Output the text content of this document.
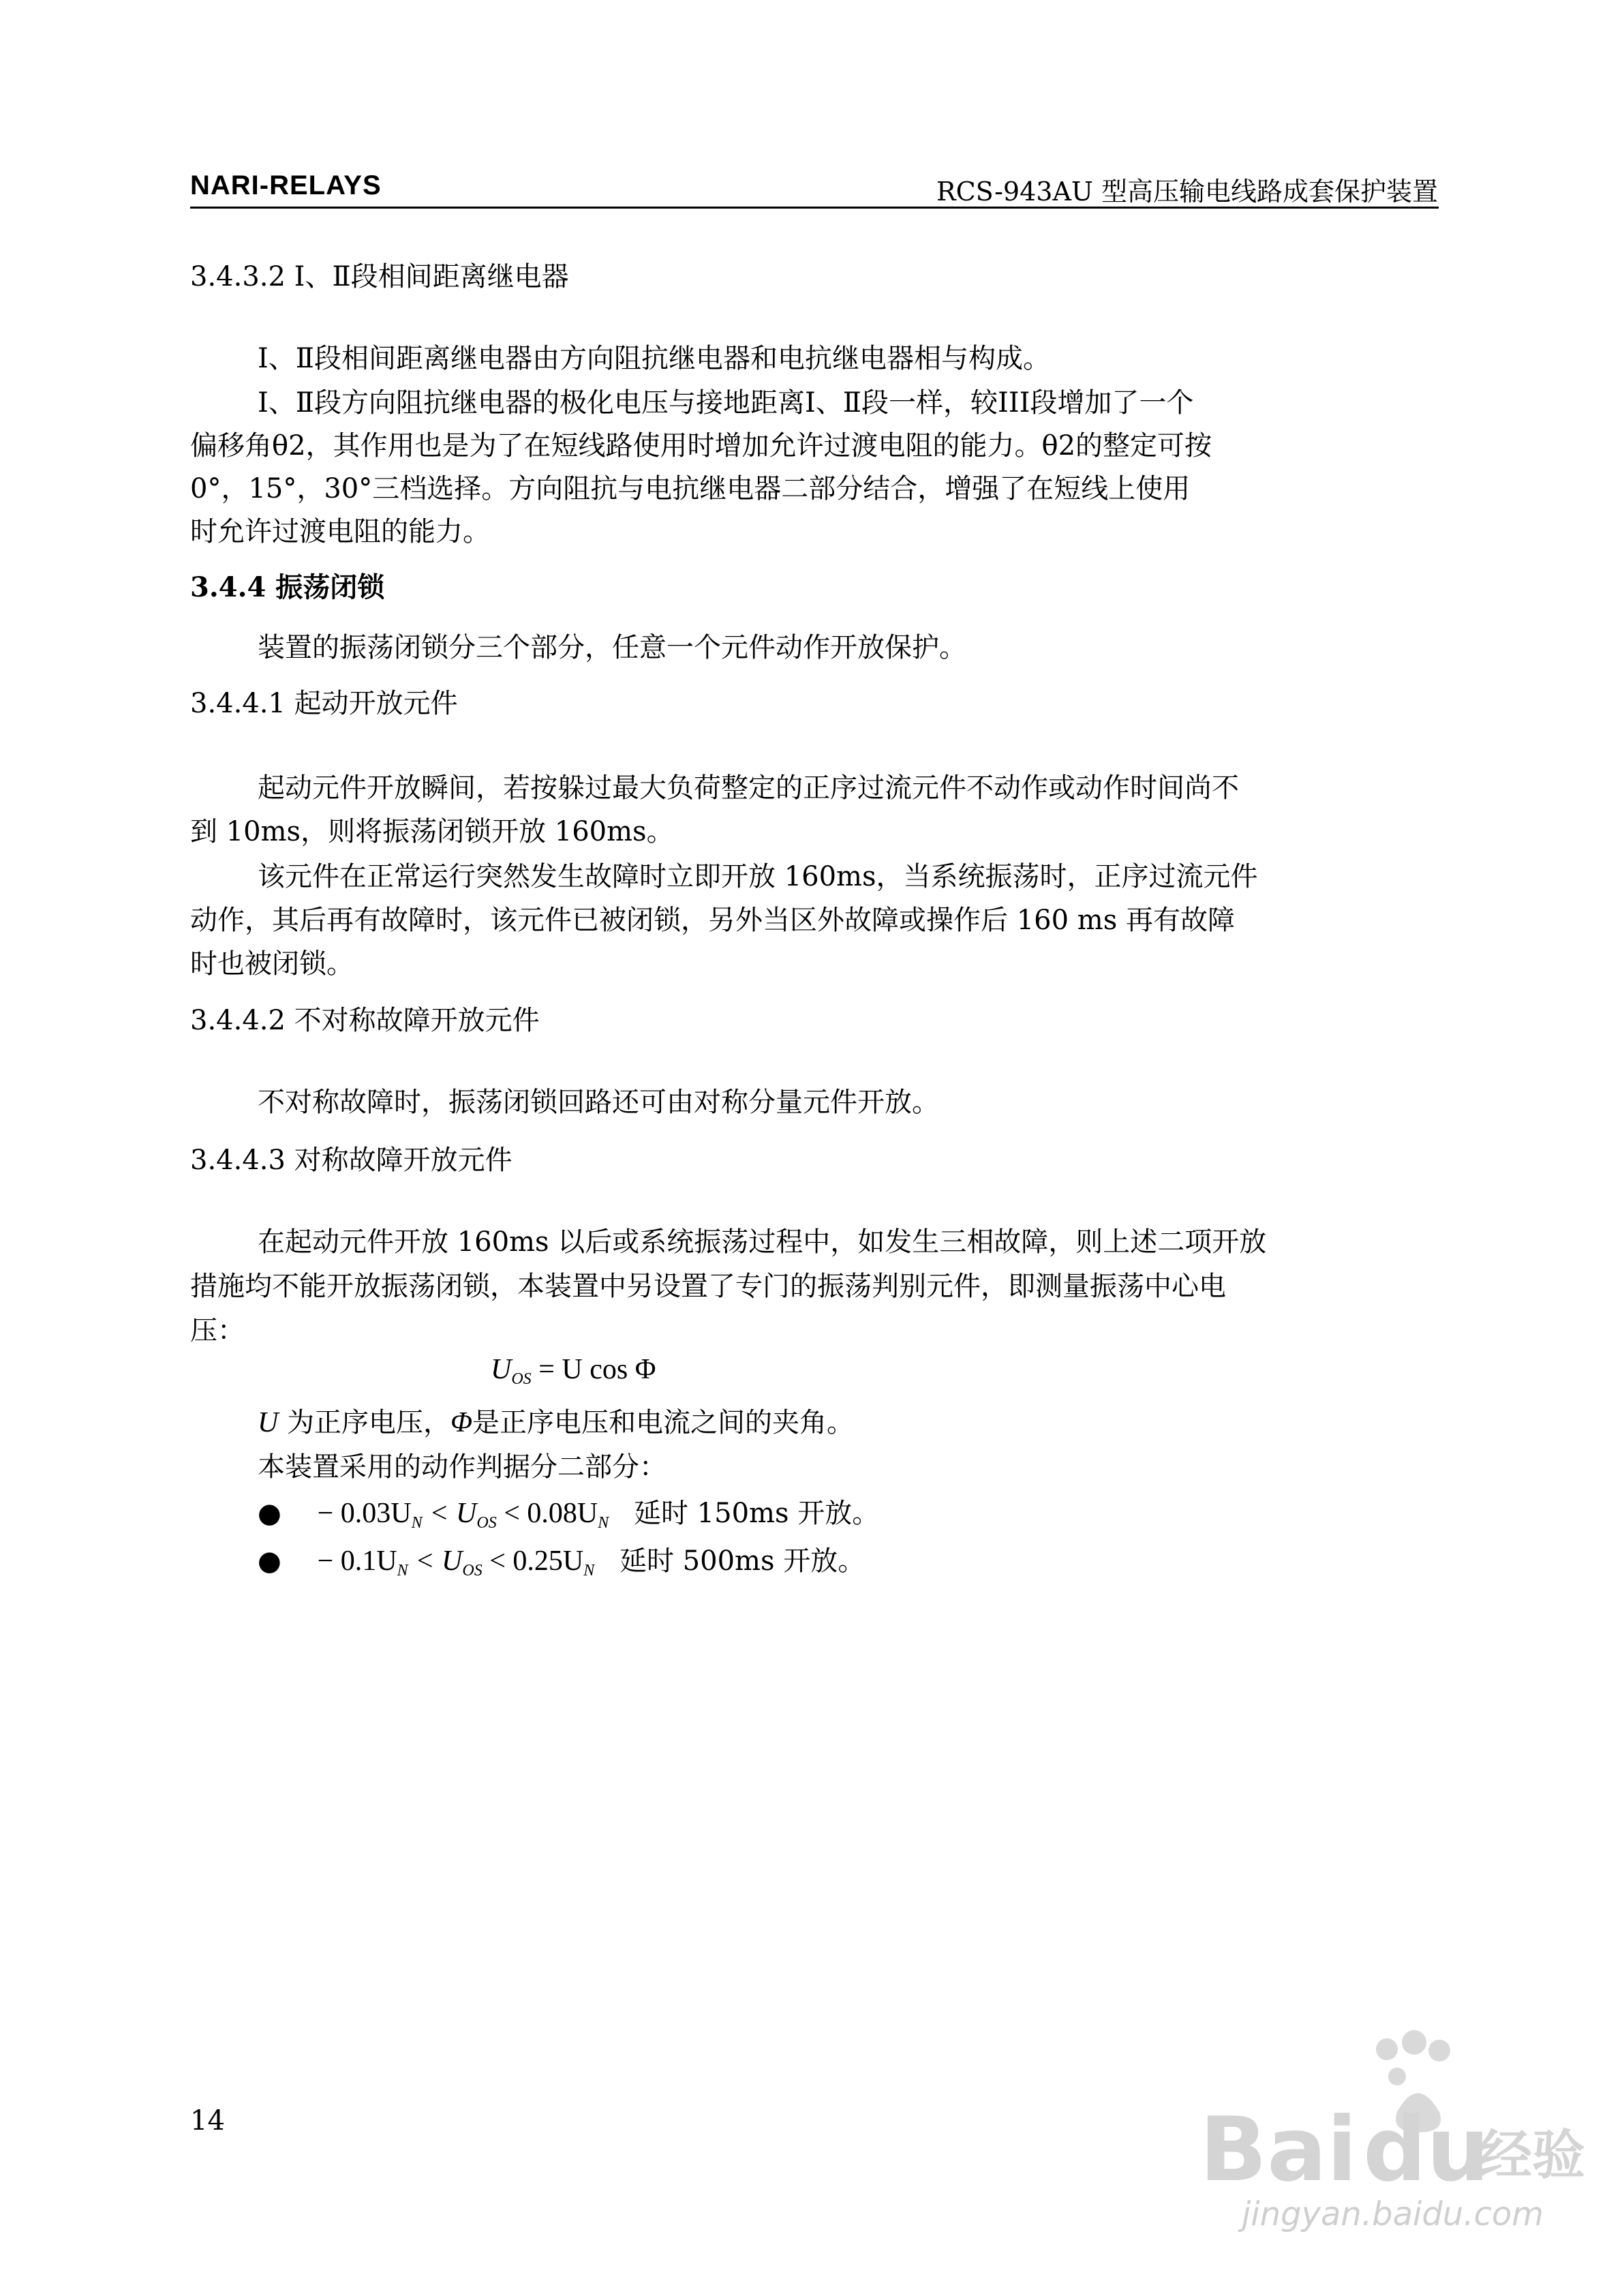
NARI-RELAYS	RCS-943AU 型高压输电线路成套保护装置
3.4.3.2 Ⅰ、Ⅱ段相间距离继电器
Ⅰ、Ⅱ段相间距离继电器由方向阻抗继电器和电抗继电器相与构成。
Ⅰ、Ⅱ段方向阻抗继电器的极化电压与接地距离Ⅰ、Ⅱ段一样，较III段增加了一个
偏移角θ2，其作用也是为了在短线路使用时增加允许过渡电阻的能力。θ2的整定可按
0°，15°，30°三档选择。方向阻抗与电抗继电器二部分结合，增强了在短线上使用
时允许过渡电阻的能力。
3.4.4 振荡闭锁
装置的振荡闭锁分三个部分，任意一个元件动作开放保护。
3.4.4.1 起动开放元件
起动元件开放瞬间，若按躲过最大负荷整定的正序过流元件不动作或动作时间尚不
到 10ms，则将振荡闭锁开放 160ms。
该元件在正常运行突然发生故障时立即开放 160ms，当系统振荡时，正序过流元件
动作，其后再有故障时，该元件已被闭锁，另外当区外故障或操作后 160 ms 再有故障
时也被闭锁。
3.4.4.2 不对称故障开放元件
不对称故障时，振荡闭锁回路还可由对称分量元件开放。
3.4.4.3 对称故障开放元件
在起动元件开放 160ms 以后或系统振荡过程中，如发生三相故障，则上述二项开放
措施均不能开放振荡闭锁，本装置中另设置了专门的振荡判别元件，即测量振荡中心电
压：
$U_{OS} = U$ cos Φ
U 为正序电压，Φ是正序电压和电流之间的夹角。
本装置采用的动作判据分二部分：
● − $0.03U_N < U_{OS} < 0.08U_N$ 延时 150ms 开放。
● − $0.1U_N < U_{OS} < 0.25U_N$ 延时 500ms 开放。
14	Bai du
经验
jingyan.baidu.com
